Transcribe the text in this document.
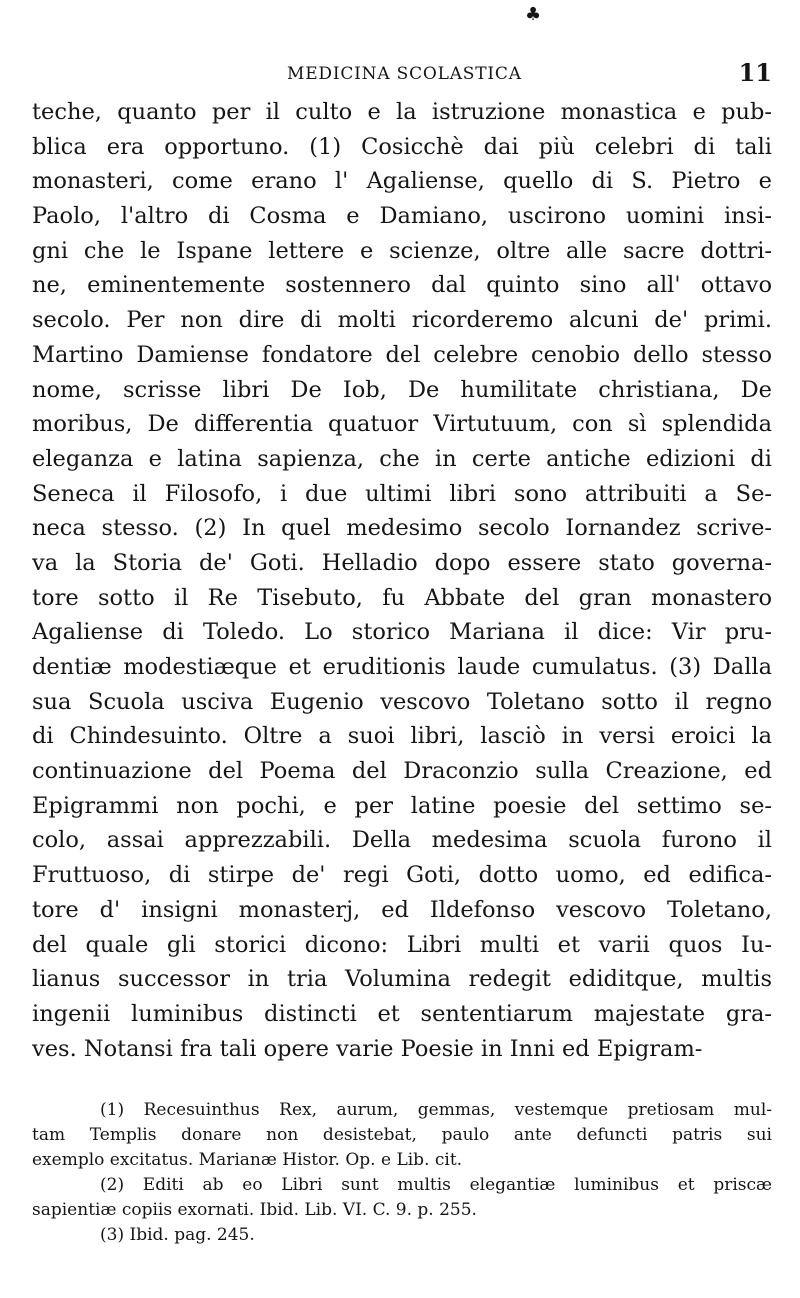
♣
MEDICINA SCOLASTICA	11
teche, quanto per il culto e la istruzione monastica e pub-
blica era opportuno. (1) Cosicchè dai più celebri di tali
monasteri, come erano l' Agaliense, quello di S. Pietro e
Paolo, l'altro di Cosma e Damiano, uscirono uomini insi-
gni che le Ispane lettere e scienze, oltre alle sacre dottri-
ne, eminentemente sostennero dal quinto sino all' ottavo
secolo. Per non dire di molti ricorderemo alcuni de' primi.
Martino Damiense fondatore del celebre cenobio dello stesso
nome, scrisse libri De Iob, De humilitate christiana, De
moribus, De differentia quatuor Virtutuum, con sì splendida
eleganza e latina sapienza, che in certe antiche edizioni di
Seneca il Filosofo, i due ultimi libri sono attribuiti a Se-
neca stesso. (2) In quel medesimo secolo Iornandez scrive-
va la Storia de' Goti. Helladio dopo essere stato governa-
tore sotto il Re Tisebuto, fu Abbate del gran monastero
Agaliense di Toledo. Lo storico Mariana il dice: Vir pru-
dentiæ modestiæque et eruditionis laude cumulatus. (3) Dalla
sua Scuola usciva Eugenio vescovo Toletano sotto il regno
di Chindesuinto. Oltre a suoi libri, lasciò in versi eroici la
continuazione del Poema del Draconzio sulla Creazione, ed
Epigrammi non pochi, e per latine poesie del settimo se-
colo, assai apprezzabili. Della medesima scuola furono il
Fruttuoso, di stirpe de' regi Goti, dotto uomo, ed edifica-
tore d' insigni monasterj, ed Ildefonso vescovo Toletano,
del quale gli storici dicono: Libri multi et varii quos Iu-
lianus successor in tria Volumina redegit ediditque, multis
ingenii luminibus distincti et sententiarum majestate gra-
ves. Notansi fra tali opere varie Poesie in Inni ed Epigram-
(1) Recesuinthus Rex, aurum, gemmas, vestemque pretiosam mul-
tam Templis donare non desistebat, paulo ante defuncti patris sui
exemplo excitatus. Marianæ Histor. Op. e Lib. cit.
(2) Editi ab eo Libri sunt multis elegantiæ luminibus et priscæ
sapientiæ copiis exornati. Ibid. Lib. VI. C. 9. p. 255.
(3) Ibid. pag. 245.
